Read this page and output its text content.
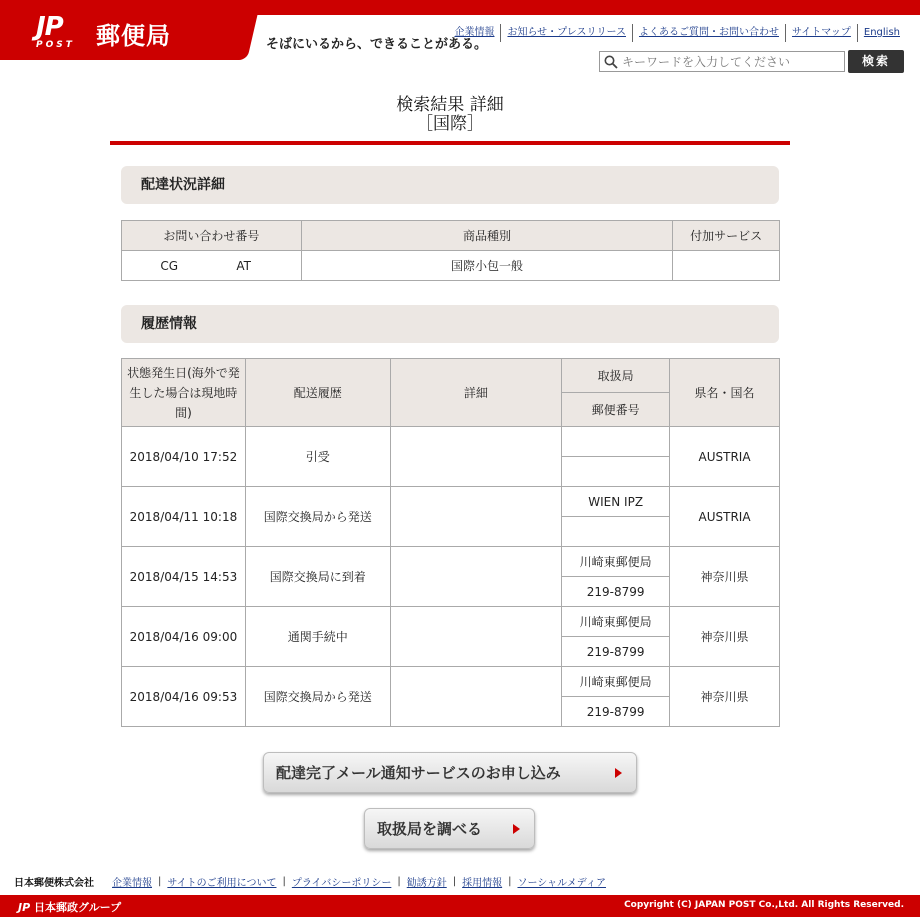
JP
POST 郵便局	そばにいるから、できることがある。
企業情報	お知らせ・プレスリリース	よくあるご質問・お問い合わせ	サイトマップ	English
キーワードを入力してください
検索
検索結果 詳細
［国際］
配達状況詳細
お問い合わせ番号	商品種別	付加サービス
CG AT	国際小包一般	
履歴情報
状態発生日(海外で発生した場合は現地時間)	配送履歴	詳細	取扱局	県名・国名
			郵便番号	
2018/04/10 17:52	引受			AUSTRIA

2018/04/11 10:18	国際交換局から発送		WIEN IPZ	AUSTRIA

2018/04/15 14:53	国際交換局に到着		川崎東郵便局	神奈川県
			219-8799	
2018/04/16 09:00	通関手続中		川崎東郵便局	神奈川県
			219-8799	
2018/04/16 09:53	国際交換局から発送		川崎東郵便局	神奈川県
			219-8799	
配達完了メール通知サービスのお申し込み
取扱局を調べる
日本郵便株式会社	企業情報 | サイトのご利用について | プライバシーポリシー | 勧誘方針 | 採用情報 | ソーシャルメディア
JP 日本郵政グループ	Copyright (C) JAPAN POST Co.,Ltd. All Rights Reserved.
